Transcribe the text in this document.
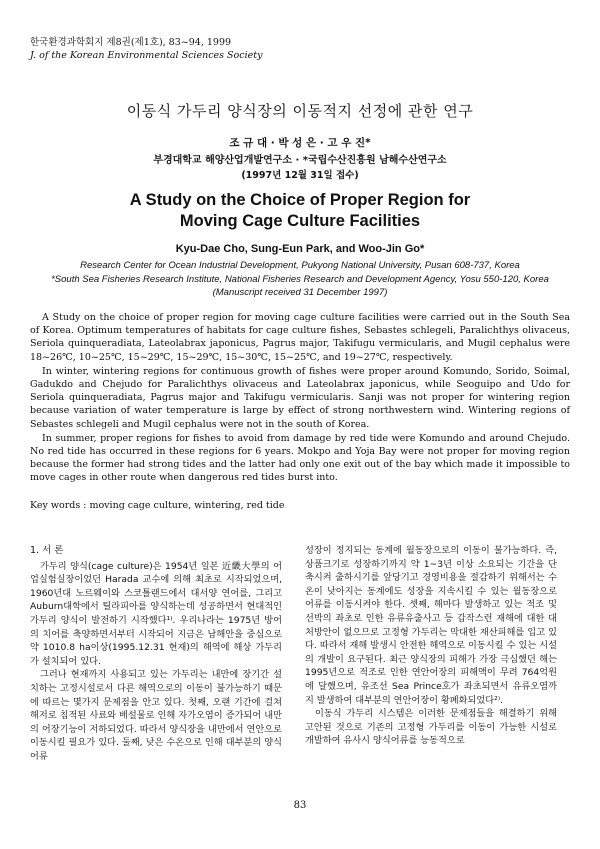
한국환경과학회지 제8권(제1호), 83~94, 1999
J. of the Korean Environmental Sciences Society
이동식 가두리 양식장의 이동적지 선정에 관한 연구
조 규 대 · 박 성 은 · 고 우 진*
부경대학교 해양산업개발연구소 · *국립수산진흥원 남해수산연구소
(1997년 12월 31일 접수)
A Study on the Choice of Proper Region for
Moving Cage Culture Facilities
Kyu-Dae Cho, Sung-Eun Park, and Woo-Jin Go*
Research Center for Ocean Industrial Development, Pukyong National University, Pusan 608-737, Korea
*South Sea Fisheries Research Institute, National Fisheries Research and Development Agency, Yosu 550-120, Korea
(Manuscript received 31 December 1997)

A Study on the choice of proper region for moving cage culture facilities were carried out in the South Sea of Korea. Optimum temperatures of habitats for cage culture fishes, Sebastes schlegeli, Paralichthys olivaceus, Seriola quinqueradiata, Lateolabrax japonicus, Pagrus major, Takifugu vermicularis, and Mugil cephalus were 18~26℃, 10~25℃, 15~29℃, 15~29℃, 15~30℃, 15~25℃, and 19~27℃, respectively.

In winter, wintering regions for continuous growth of fishes were proper around Komundo, Sorido, Soimal, Gadukdo and Chejudo for Paralichthys olivaceus and Lateolabrax japonicus, while Seoguipo and Udo for Seriola quinqueradiata, Pagrus major and Takifugu vermicularis. Sanji was not proper for wintering region because variation of water temperature is large by effect of strong northwestern wind. Wintering regions of Sebastes schlegeli and Mugil cephalus were not in the south of Korea.

In summer, proper regions for fishes to avoid from damage by red tide were Komundo and around Chejudo. No red tide has occurred in these regions for 6 years. Mokpo and Yoja Bay were not proper for moving region because the former had strong tides and the latter had only one exit out of the bay which made it impossible to move cages in other route when dangerous red tides burst into.

Key words : moving cage culture, wintering, red tide
1. 서 론

가두리 양식(cage culture)은 1954년 일본 近畿大學의 어업실험실장이었던 Harada 교수에 의해 최초로 시작되었으며, 1960년대 노르웨이와 스코틀랜드에서 대서양 연어를, 그리고 Auburn대학에서 틸라피아를 양식하는데 성공하면서 현대적인 가두리 양식이 발전하기 시작했다¹⁾. 우리나라는 1975년 방어의 치어를 축양하면서부터 시작되어 지금은 남해안을 중심으로 약 1010.8 ha이상(1995.12.31 현재)의 해역에 해상 가두리가 설치되어 있다.

그러나 현재까지 사용되고 있는 가두리는 내만에 장기간 설치하는 고정시설로서 다른 해역으로의 이동이 불가능하기 때문에 따르는 몇가지 문제점을 안고 있다. 첫째, 오랜 기간에 걸쳐 해저로 침적된 사료와 배설물로 인해 자가오염이 증가되어 내만의 어장기능이 저하되었다. 따라서 양식장을 내만에서 연안으로 이동시킬 필요가 있다. 둘째, 낮은 수온으로 인해 대부분의 양식어류

성장이 정지되는 동계에 월동장으로의 이동이 불가능하다. 즉, 상품크기로 성장하기까지 약 1~3년 이상 소요되는 기간을 단축시켜 출하시기를 앞당기고 경영비용을 절감하기 위해서는 수온이 낮아지는 동계에도 성장을 지속시킬 수 있는 월동장으로 어류를 이동시켜야 한다. 셋째, 해마다 발생하고 있는 적조 및 선박의 좌초로 인한 유류유출사고 등 갑작스런 재해에 대한 대처방안이 없으므로 고정형 가두리는 막대한 재산피해를 입고 있다. 따라서 재해 발생시 안전한 해역으로 이동시킬 수 있는 시설의 개발이 요구된다. 최근 양식장의 피해가 가장 극심했던 해는 1995년으로 적조로 인한 연안어장의 피해액이 무려 764억원에 달했으며, 유조선 Sea Prince호가 좌초되면서 유류오염까지 발생하여 대부분의 연안어장이 황폐화되었다²⁾.

이동식 가두리 시스템은 이러한 문제점들을 해결하기 위해 고안된 것으로 기존의 고정형 가두리를 이동이 가능한 시설로 개발하여 유사시 양식어류를 능동적으로

83
